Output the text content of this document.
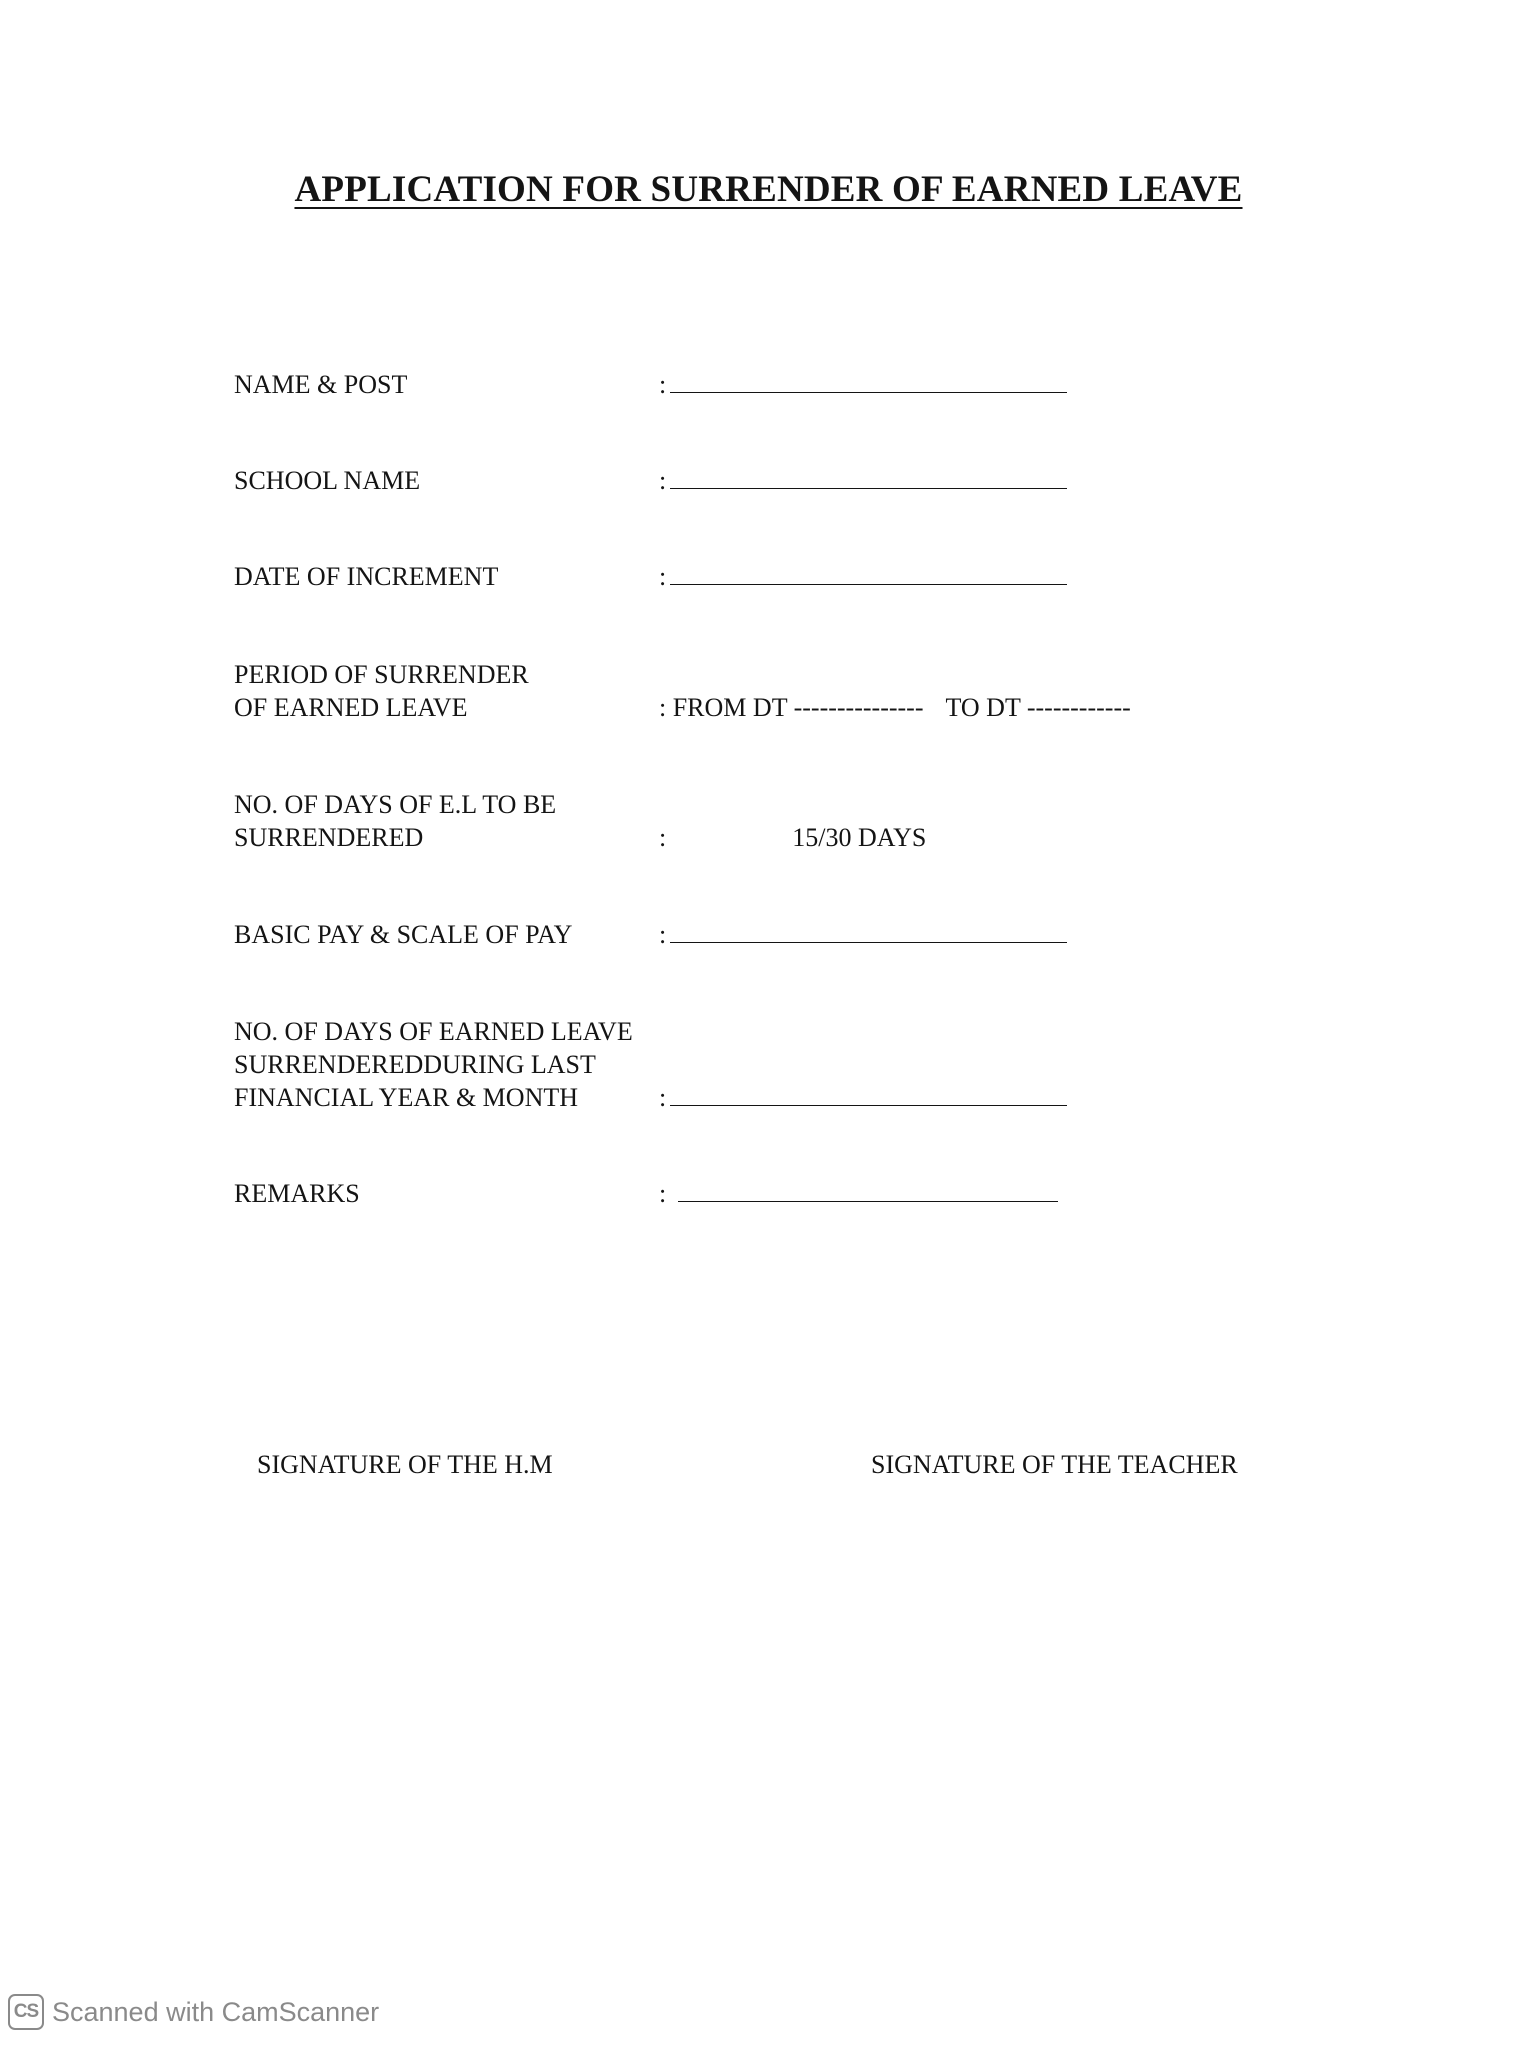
APPLICATION FOR SURRENDER OF EARNED LEAVE
NAME & POST	:
SCHOOL NAME	:
DATE OF INCREMENT	:
PERIOD OF SURRENDER
OF EARNED LEAVE	: FROM DT --------------- TO DT ------------
NO. OF DAYS OF E.L TO BE
SURRENDERED	:	15/30 DAYS
BASIC PAY & SCALE OF PAY	:
NO. OF DAYS OF EARNED LEAVE
SURRENDEREDDURING LAST
FINANCIAL YEAR & MONTH	:
REMARKS	:
SIGNATURE OF THE H.M	SIGNATURE OF THE TEACHER
CS Scanned with CamScanner
